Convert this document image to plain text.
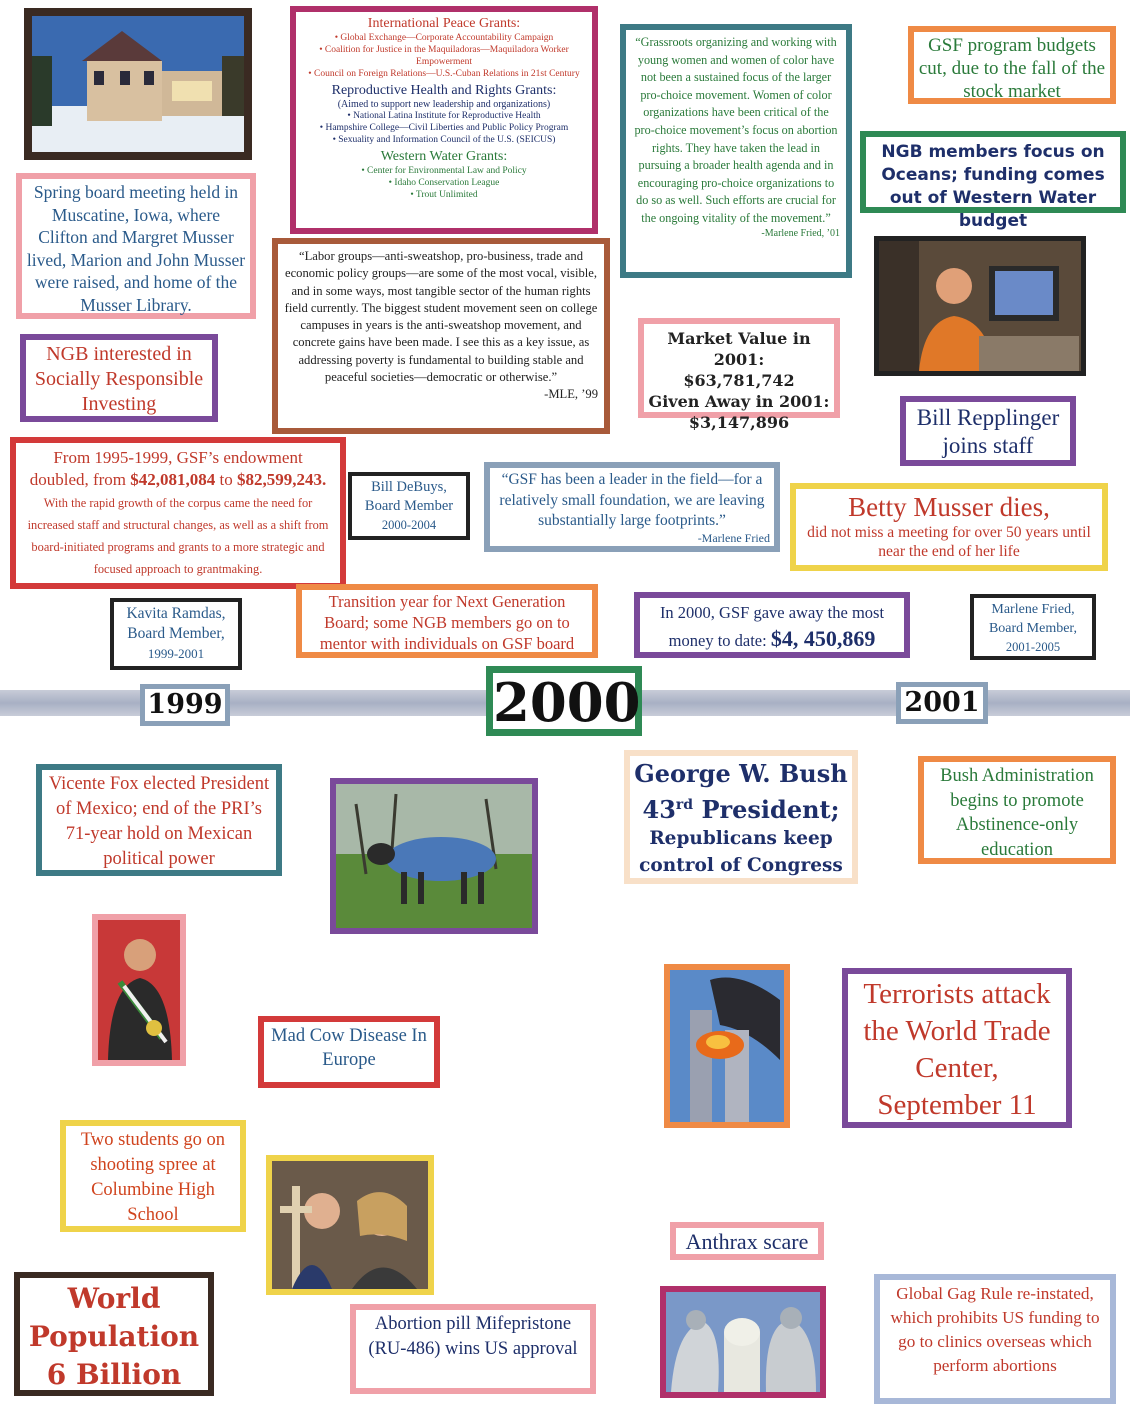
International Peace Grants:
• Global Exchange—Corporate Accountability Campaign
• Coalition for Justice in the Maquiladoras—Maquiladora Worker Empowerment
• Council on Foreign Relations—U.S.-Cuban Relations in 21st Century
Reproductive Health and Rights Grants:
(Aimed to support new leadership and organizations)
• National Latina Institute for Reproductive Health
• Hampshire College—Civil Liberties and Public Policy Program
• Sexuality and Information Council of the U.S. (SEICUS)
Western Water Grants:
• Center for Environmental Law and Policy
• Idaho Conservation League
• Trout Unlimited
“Grassroots organizing and working with young women and women of color have not been a sustained focus of the larger pro-choice movement. Women of color organizations have been critical of the pro-choice movement’s focus on abortion rights. They have taken the lead in pursuing a broader health agenda and in encouraging pro-choice organizations to do so as well. Such efforts are crucial for the ongoing vitality of the movement.”
-Marlene Fried, ’01
GSF program budgets cut, due to the fall of the stock market
NGB members focus on Oceans; funding comes out of Western Water budget
Spring board meeting held in Muscatine, Iowa, where Clifton and Margret Musser lived, Marion and John Musser were raised, and home of the Musser Library.
“Labor groups—anti-sweatshop, pro-business, trade and economic policy groups—are some of the most vocal, visible, and in some ways, most tangible sector of the human rights field currently. The biggest student movement seen on college campuses in years is the anti-sweatshop movement, and concrete gains have been made. I see this as a key issue, as addressing poverty is fundamental to building stable and peaceful societies—democratic or otherwise.”
-MLE, ’99
Market Value in 2001:
$63,781,742
Given Away in 2001:
$3,147,896
NGB interested in Socially Responsible Investing
Bill Repplinger joins staff
From 1995-1999, GSF’s endowment doubled, from $42,081,084 to $82,599,243. With the rapid growth of the corpus came the need for increased staff and structural changes, as well as a shift from board-initiated programs and grants to a more strategic and focused approach to grantmaking.
Bill DeBuys, Board Member
2000-2004
“GSF has been a leader in the field—for a relatively small foundation, we are leaving substantially large footprints.”
-Marlene Fried
Betty Musser dies,
did not miss a meeting for over 50 years until near the end of her life
Kavita Ramdas, Board Member,
1999-2001
Transition year for Next Generation Board; some NGB members go on to mentor with individuals on GSF board
In 2000, GSF gave away the most money to date: $4, 450,869
Marlene Fried, Board Member,
2001-2005
1999	2000	2001
Vicente Fox elected President of Mexico; end of the PRI’s 71-year hold on Mexican political power
George W. Bush
43rd President;
Republicans keep control of Congress
Bush Administration begins to promote Abstinence-only education
Mad Cow Disease In Europe
Terrorists attack the World Trade Center, September 11
Two students go on shooting spree at Columbine High School
Anthrax scare
World Population 6 Billion
Abortion pill Mifepristone (RU-486) wins US approval
Global Gag Rule re-instated, which prohibits US funding to go to clinics overseas which perform abortions
